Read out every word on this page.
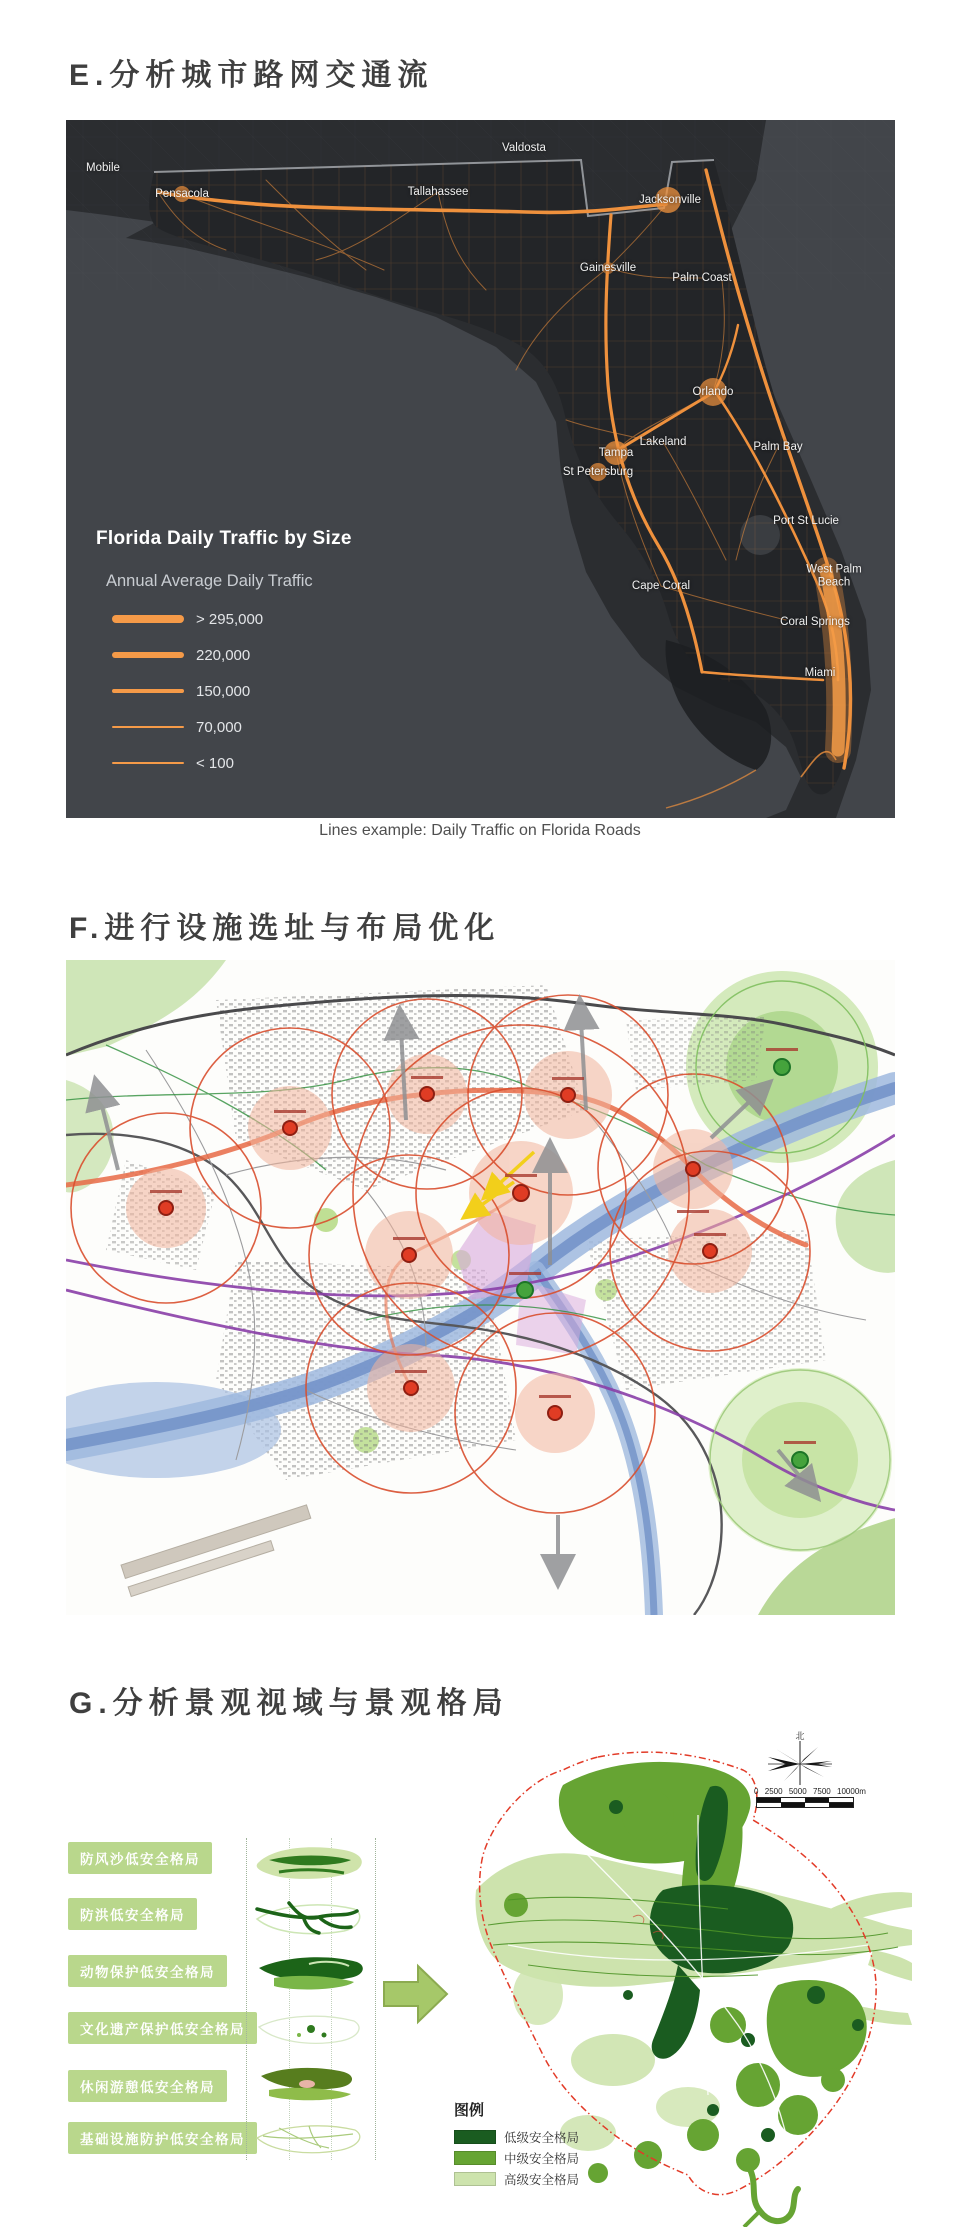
E.分析城市路网交通流
Mobile
Pensacola	Tallahassee
Valdosta
Jacksonville
Gainesville
Palm Coast
Orlando
Lakeland
Tampa
St Petersburg
Palm Bay
Port St Lucie
West Palm Beach
Cape Coral
Coral Springs
Miami
Florida Daily Traffic by Size
Annual Average Daily Traffic
> 295,000
220,000
150,000
70,000
< 100
Lines example: Daily Traffic on Florida Roads
F.进行设施选址与布局优化
G.分析景观视域与景观格局
防风沙低安全格局
防洪低安全格局
动物保护低安全格局
文化遗产保护低安全格局
休闲游憩低安全格局
基础设施防护低安全格局
北
0 2500 5000 7500 10000m
图例
低级安全格局
中级安全格局
高级安全格局
